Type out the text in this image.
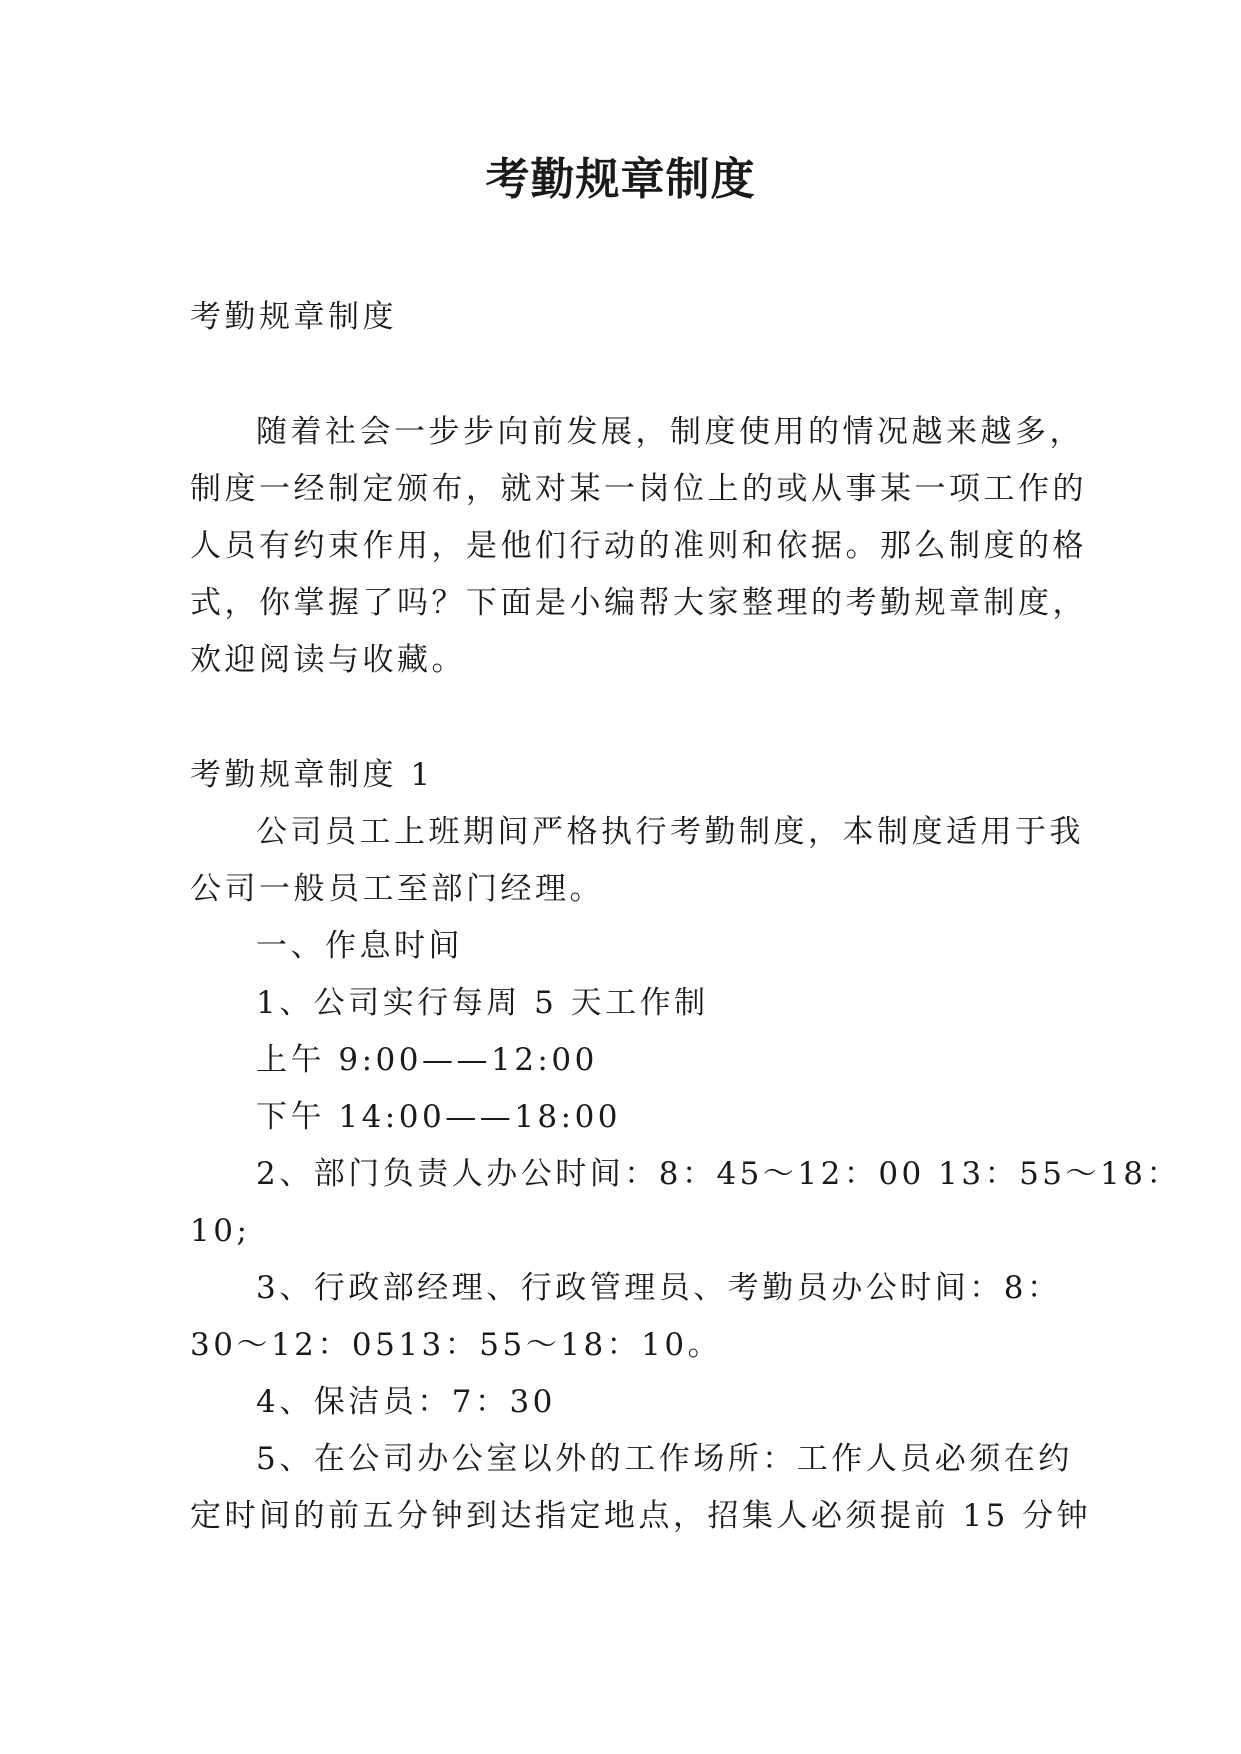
考勤规章制度

考勤规章制度

随着社会一步步向前发展，制度使用的情况越来越多，

制度一经制定颁布，就对某一岗位上的或从事某一项工作的

人员有约束作用，是他们行动的准则和依据。那么制度的格

式，你掌握了吗？下面是小编帮大家整理的考勤规章制度，

欢迎阅读与收藏。

考勤规章制度 1

公司员工上班期间严格执行考勤制度，本制度适用于我

公司一般员工至部门经理。

一、作息时间

1、公司实行每周 5 天工作制

上午 9:00——12:00

下午 14:00——18:00

2、部门负责人办公时间：8：45～12：00 13：55～18：

10;

3、行政部经理、行政管理员、考勤员办公时间：8：

30～12：0513：55～18：10。

4、保洁员：7：30

5、在公司办公室以外的工作场所：工作人员必须在约

定时间的前五分钟到达指定地点，招集人必须提前 15 分钟
